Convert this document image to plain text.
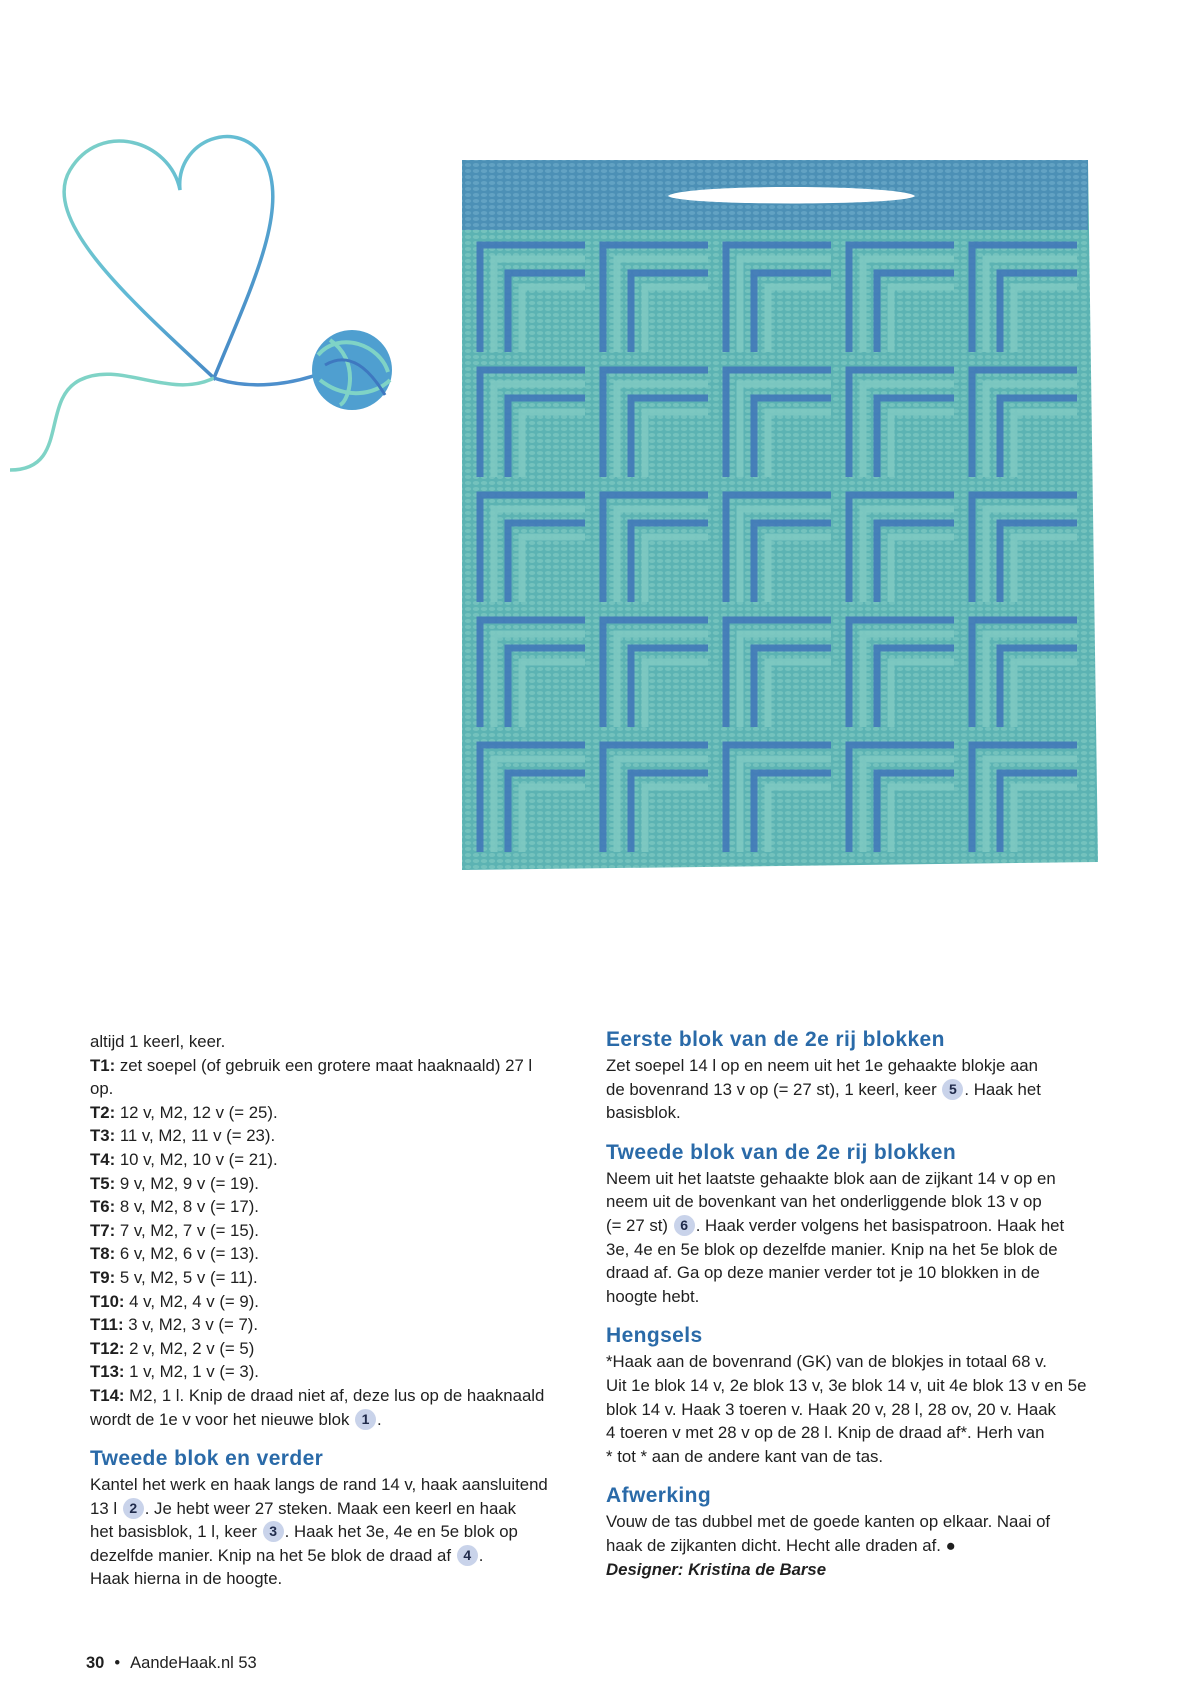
altijd 1 keerl, keer.

T1: zet soepel (of gebruik een grotere maat haaknaald) 27 l

op.

T2: 12 v, M2, 12 v (= 25).

T3: 11 v, M2, 11 v (= 23).

T4: 10 v, M2, 10 v (= 21).

T5: 9 v, M2, 9 v (= 19).

T6: 8 v, M2, 8 v (= 17).

T7: 7 v, M2, 7 v (= 15).

T8: 6 v, M2, 6 v (= 13).

T9: 5 v, M2, 5 v (= 11).

T10: 4 v, M2, 4 v (= 9).

T11: 3 v, M2, 3 v (= 7).

T12: 2 v, M2, 2 v (= 5)

T13: 1 v, M2, 1 v (= 3).

T14: M2, 1 l. Knip de draad niet af, deze lus op de haaknaald

wordt de 1e v voor het nieuwe blok 1 .

Tweede blok en verder

Kantel het werk en haak langs de rand 14 v, haak aansluitend

13 l 2 . Je hebt weer 27 steken. Maak een keerl en haak

het basisblok, 1 l, keer 3 . Haak het 3e, 4e en 5e blok op

dezelfde manier. Knip na het 5e blok de draad af 4 .

Haak hierna in de hoogte.

Eerste blok van de 2e rij blokken

Zet soepel 14 l op en neem uit het 1e gehaakte blokje aan

de bovenrand 13 v op (= 27 st), 1 keerl, keer 5 . Haak het

basisblok.

Tweede blok van de 2e rij blokken

Neem uit het laatste gehaakte blok aan de zijkant 14 v op en

neem uit de bovenkant van het onderliggende blok 13 v op

(= 27 st) 6 . Haak verder volgens het basispatroon. Haak het

3e, 4e en 5e blok op dezelfde manier. Knip na het 5e blok de

draad af. Ga op deze manier verder tot je 10 blokken in de

hoogte hebt.

Hengsels

*Haak aan de bovenrand (GK) van de blokjes in totaal 68 v.

Uit 1e blok 14 v, 2e blok 13 v, 3e blok 14 v, uit 4e blok 13 v en 5e

blok 14 v. Haak 3 toeren v. Haak 20 v, 28 l, 28 ov, 20 v. Haak

4 toeren v met 28 v op de 28 l. Knip de draad af*. Herh van

* tot * aan de andere kant van de tas.

Afwerking

Vouw de tas dubbel met de goede kanten op elkaar. Naai of

haak de zijkanten dicht. Hecht alle draden af. ●

Designer: Kristina de Barse

30 • AandeHaak.nl 53
